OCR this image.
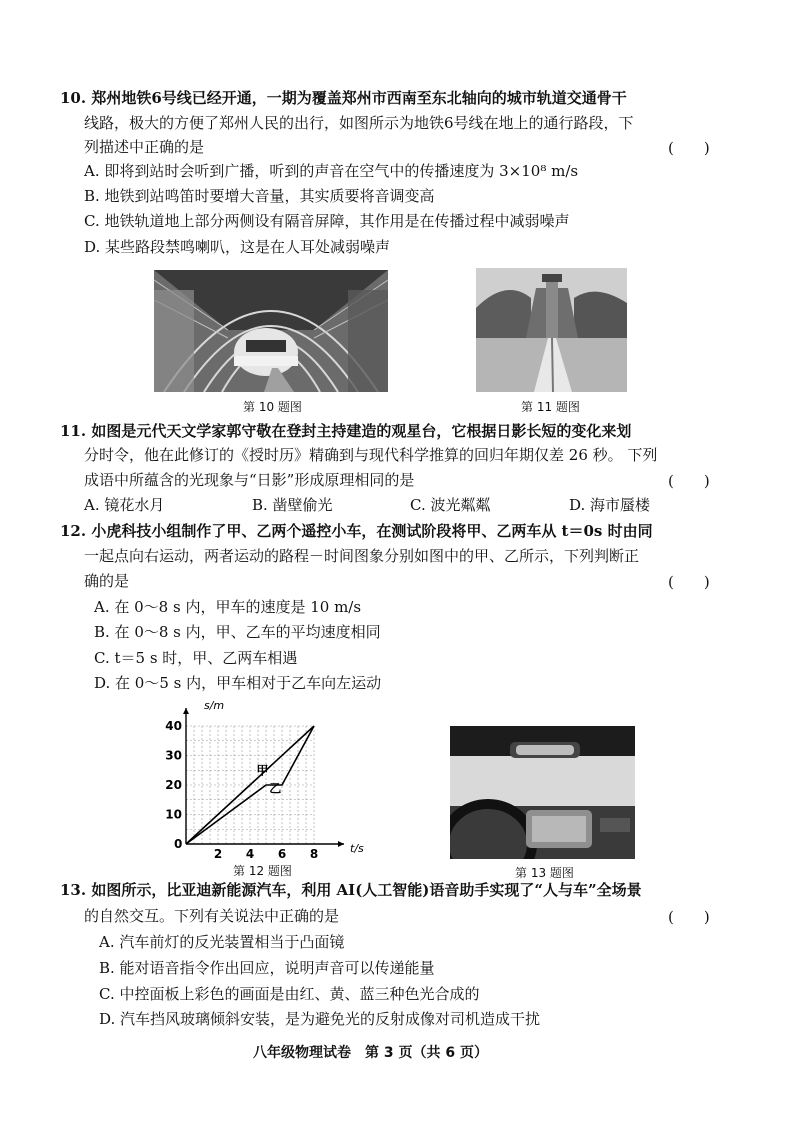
10. 郑州地铁6号线已经开通，一期为覆盖郑州市西南至东北轴向的城市轨道交通骨干
线路，极大的方便了郑州人民的出行，如图所示为地铁6号线在地上的通行路段，下
列描述中正确的是	(　　)
A. 即将到站时会听到广播，听到的声音在空气中的传播速度为 3×10⁸ m/s
B. 地铁到站鸣笛时要增大音量，其实质要将音调变高
C. 地铁轨道地上部分两侧设有隔音屏障，其作用是在传播过程中减弱噪声
D. 某些路段禁鸣喇叭，这是在人耳处减弱噪声
第 10 题图	第 11 题图
11. 如图是元代天文学家郭守敬在登封主持建造的观星台，它根据日影长短的变化来划
分时令，他在此修订的《授时历》精确到与现代科学推算的回归年期仅差 26 秒。 下列
成语中所蕴含的光现象与“日影”形成原理相同的是	(　　)
A. 镜花水月	B. 凿壁偷光	C. 波光粼粼	D. 海市蜃楼
12. 小虎科技小组制作了甲、乙两个遥控小车，在测试阶段将甲、乙两车从 t＝0s 时由同
一起点向右运动，两者运动的路程－时间图象分别如图中的甲、乙所示，下列判断正
确的是	(　　)
A. 在 0～8 s 内，甲车的速度是 10 m/s
B. 在 0～8 s 内，甲、乙车的平均速度相同
C. t＝5 s 时，甲、乙两车相遇
D. 在 0～5 s 内，甲车相对于乙车向左运动
0
2 4 6 8
10
20
30
40
甲
乙
s/m
t/s
第 12 题图	第 13 题图
13. 如图所示，比亚迪新能源汽车，利用 AI(人工智能)语音助手实现了“人与车”全场景
的自然交互。下列有关说法中正确的是	(　　)
A. 汽车前灯的反光装置相当于凸面镜
B. 能对语音指令作出回应，说明声音可以传递能量
C. 中控面板上彩色的画面是由红、黄、蓝三种色光合成的
D. 汽车挡风玻璃倾斜安装，是为避免光的反射成像对司机造成干扰
八年级物理试卷　第 3 页（共 6 页）
